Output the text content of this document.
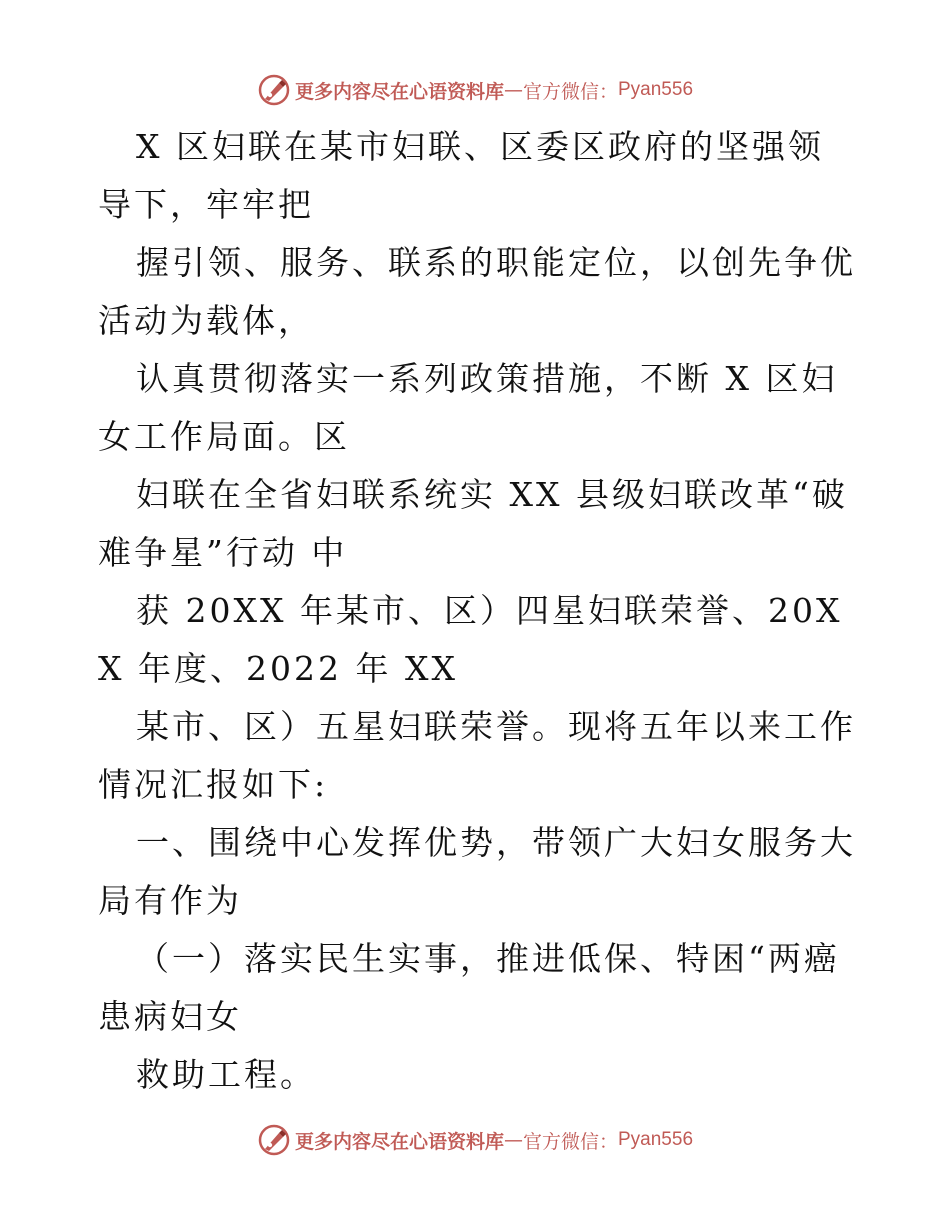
更多内容尽在心语资料库 — 官方微信： Pyan556

X 区妇联在某市妇联、区委区政府的坚强领导下，牢牢把

握引领、服务、联系的职能定位，以创先争优活动为载体，

认真贯彻落实一系列政策措施，不断 X 区妇女工作局面。区

妇联在全省妇联系统实 XX 县级妇联改革“破难争星”行动 中

获 20XX 年某市、区）四星妇联荣誉、20XX 年度、2022 年 XX

某市、区）五星妇联荣誉。现将五年以来工作情况汇报如下:

一、围绕中心发挥优势，带领广大妇女服务大局有作为

（一）落实民生实事，推进低保、特困“两癌患病妇女

救助工程。

更多内容尽在心语资料库 — 官方微信： Pyan556
